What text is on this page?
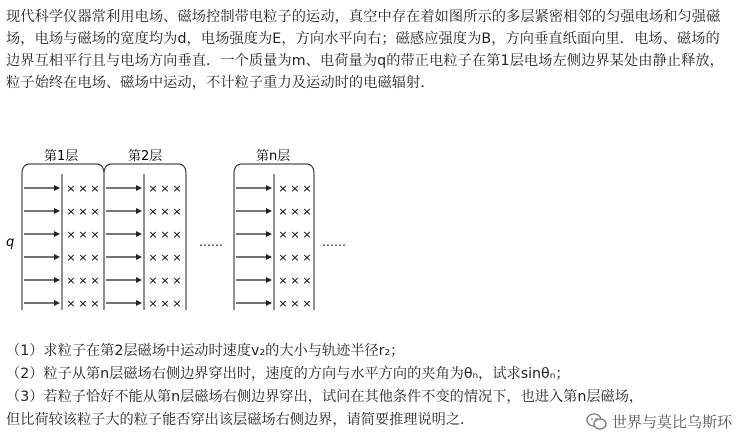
现代科学仪器常利用电场、磁场控制带电粒子的运动，真空中存在着如图所示的多层紧密相邻的匀强电场和匀强磁场，电场与磁场的宽度均为d，电场强度为E，方向水平向右；磁感应强度为B，方向垂直纸面向里．电场、磁场的边界互相平行且与电场方向垂直．一个质量为m、电荷量为q的带正电粒子在第1层电场左侧边界某处由静止释放，粒子始终在电场、磁场中运动，不计粒子重力及运动时的电磁辐射．
第1层	第2层	第n层
× × ×	× × ×	× × ×
× × ×	× × ×	× × ×
× × ×	× × ×	× × ×
× × ×	× × ×	× × ×
× × ×	× × ×	× × ×
× × ×	× × ×	× × ×
q	……	……
（1）求粒子在第2层磁场中运动时速度v₂的大小与轨迹半径r₂；
（2）粒子从第n层磁场右侧边界穿出时，速度的方向与水平方向的夹角为θₙ，试求sinθₙ；
（3）若粒子恰好不能从第n层磁场右侧边界穿出，试问在其他条件不变的情况下，也进入第n层磁场，
但比荷较该粒子大的粒子能否穿出该层磁场右侧边界，请简要推理说明之.	世界与莫比乌斯环
